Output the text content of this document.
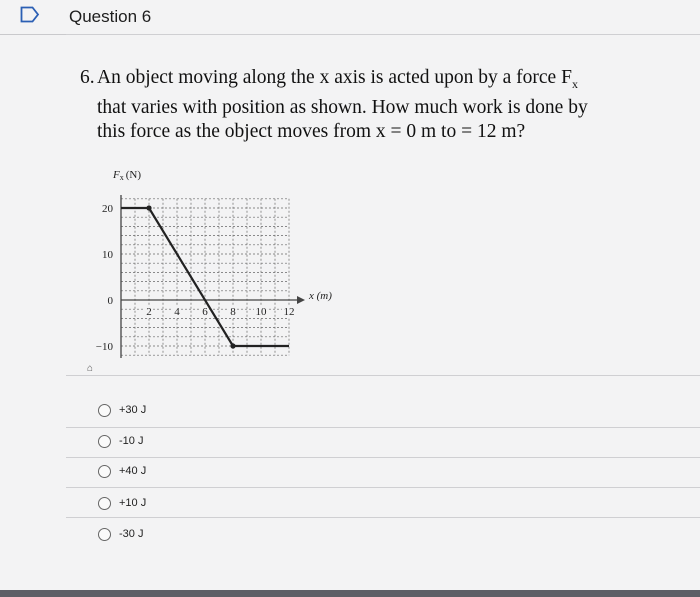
Question 6
6. An object moving along the x axis is acted upon by a force $F_x$
that varies with position as shown. How much work is done by
this force as the object moves from x = 0 m to = 12 m?
20
10
0
−10
2 4 6 8 10 12
Fx (N)
x (m)
⌂
+30 J
-10 J
+40 J
+10 J
-30 J
